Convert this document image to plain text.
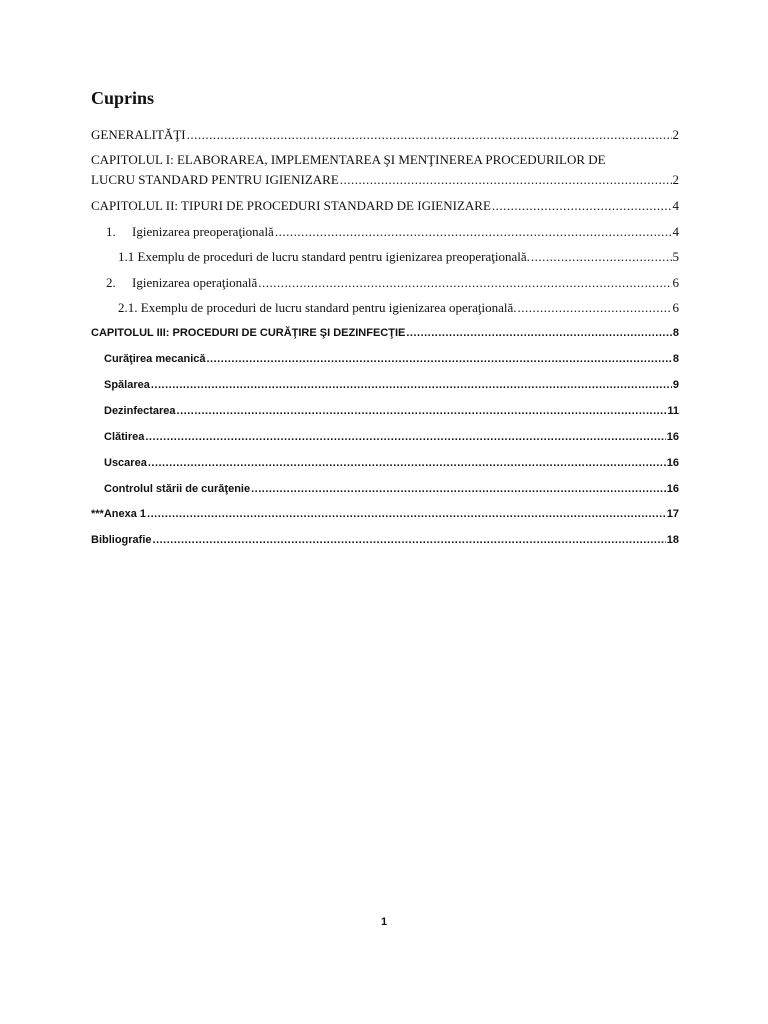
Cuprins
GENERALITĂŢI .....	2
CAPITOLUL I: ELABORAREA, IMPLEMENTAREA ŞI MENŢINEREA PROCEDURILOR DE
LUCRU STANDARD PENTRU IGIENIZARE .....	2
CAPITOLUL II: TIPURI DE PROCEDURI STANDARD DE IGIENIZARE .....	4
1.	Igienizarea preoperaţională .....	4
1.1 Exemplu de proceduri de lucru standard pentru igienizarea preoperaţională. .....	5
2.	Igienizarea operaţională .....	6
2.1. Exemplu de proceduri de lucru standard pentru igienizarea operaţională. .....	6
CAPITOLUL III: PROCEDURI DE CURĂŢIRE ŞI DEZINFECŢIE .....	8
Curăţirea mecanică .....	8
Spălarea .....	9
Dezinfectarea .....	11
Clătirea .....	16
Uscarea .....	16
Controlul stării de curăţenie .....	16
***Anexa 1 .....	17
Bibliografie .....	18
1
